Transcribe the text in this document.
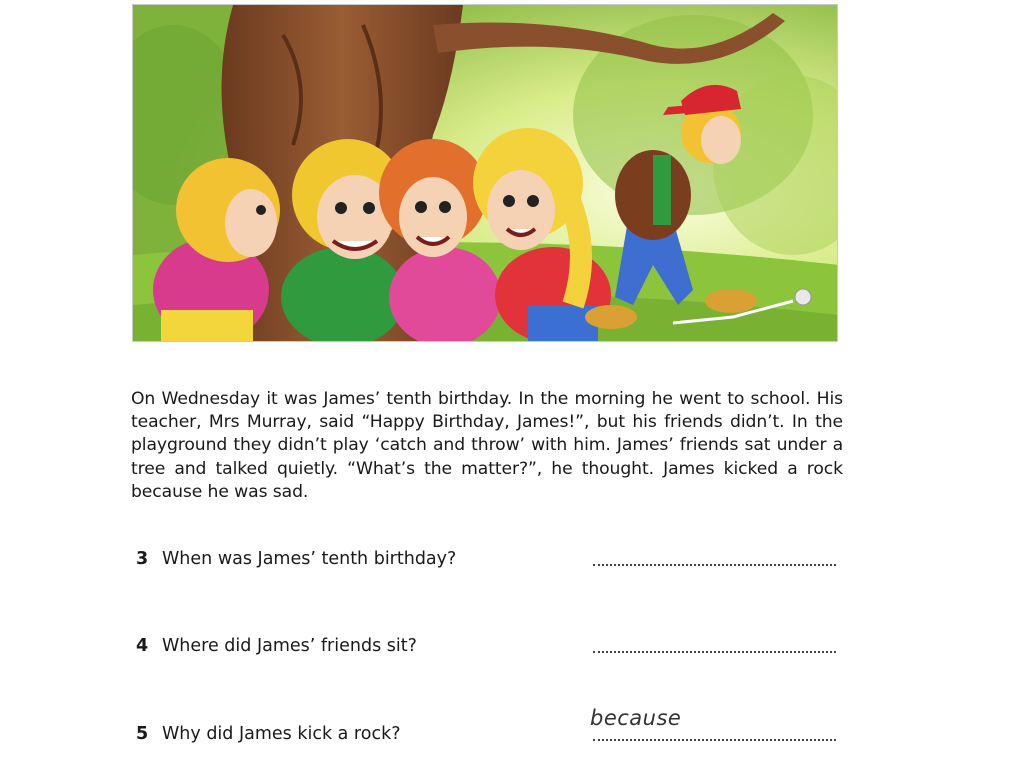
On Wednesday it was James’ tenth birthday. In the morning he went to school. His teacher, Mrs Murray, said “Happy Birthday, James!”, but his friends didn’t. In the playground they didn’t play ‘catch and throw’ with him. James’ friends sat under a tree and talked quietly. “What’s the matter?”, he thought. James kicked a rock because he was sad.

3 When was James’ tenth birthday?
4 Where did James’ friends sit?
5 Why did James kick a rock?
because
